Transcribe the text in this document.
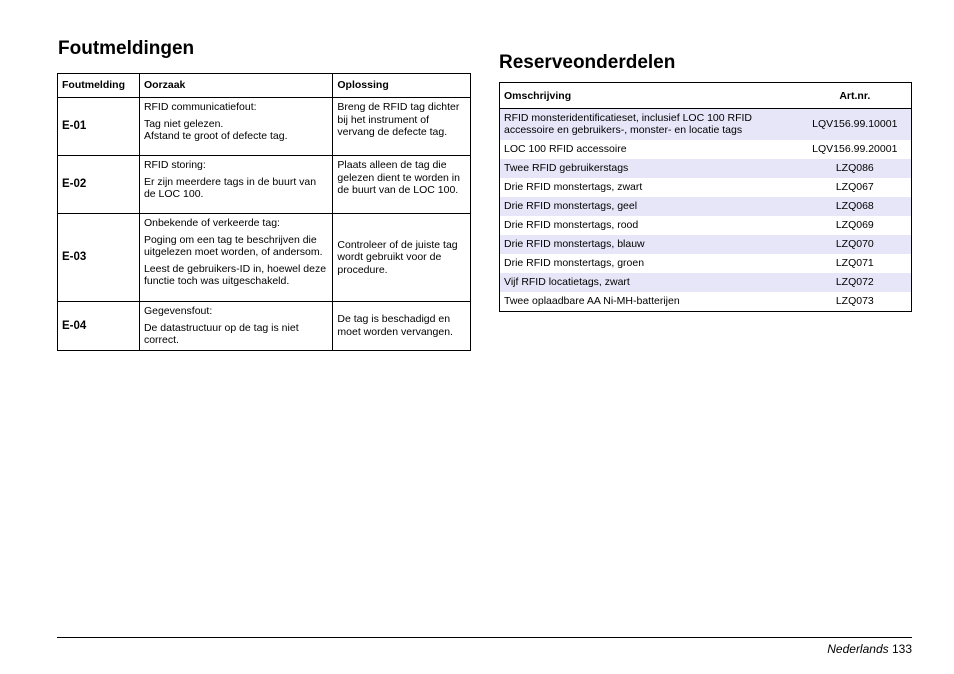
Foutmeldingen
Foutmelding	Oorzaak	Oplossing
E-01	RFID communicatiefout:
Tag niet gelezen.
Afstand te groot of defecte tag.	Breng de RFID tag dichter bij het instrument of vervang de defecte tag.
E-02	RFID storing:
Er zijn meerdere tags in de buurt van de LOC 100.	Plaats alleen de tag die gelezen dient te worden in de buurt van de LOC 100.
E-03	Onbekende of verkeerde tag:
Poging om een tag te beschrijven die uitgelezen moet worden, of andersom.
Leest de gebruikers-ID in, hoewel deze functie toch was uitgeschakeld.	Controleer of de juiste tag wordt gebruikt voor de procedure.
E-04	Gegevensfout:
De datastructuur op de tag is niet correct.	De tag is beschadigd en moet worden vervangen.
Reserveonderdelen
Omschrijving	Art.nr.
RFID monsteridentificatieset, inclusief LOC 100 RFID accessoire en gebruikers-, monster- en locatie tags	LQV156.99.10001
LOC 100 RFID accessoire	LQV156.99.20001
Twee RFID gebruikerstags	LZQ086
Drie RFID monstertags, zwart	LZQ067
Drie RFID monstertags, geel	LZQ068
Drie RFID monstertags, rood	LZQ069
Drie RFID monstertags, blauw	LZQ070
Drie RFID monstertags, groen	LZQ071
Vijf RFID locatietags, zwart	LZQ072
Twee oplaadbare AA Ni-MH-batterijen	LZQ073
Nederlands 133
